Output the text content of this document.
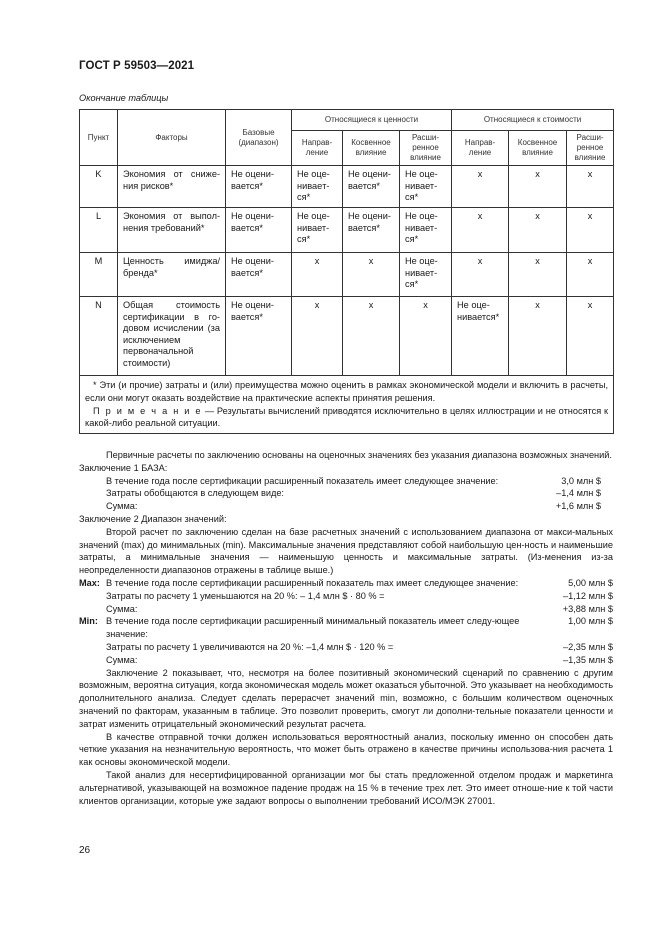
ГОСТ Р 59503—2021
Окончание таблицы
Пункт	Факторы	Базовые (диапазон)	Относящиеся к ценности			Относящиеся к стоимости		
			Направ-ление	Косвенное влияние	Расши-ренное влияние	Направ-ление	Косвенное влияние	Расши-ренное влияние
K	Экономия от сниже-ния рисков*	Не оцени-вается*	Не оце-ниваeт-ся*	Не оцени-вается*	Не оце-нивает-ся*	x	x	x
L	Экономия от выпол-нения требований*	Не оцени-вается*	Не оце-нивает-ся*	Не оцени-вается*	Не оце-нивает-ся*	x	x	x
M	Ценность имиджа/ бренда*	Не оцени-вается*	x	x	Не оце-нивает-ся*	x	x	x
N	Общая стоимость сертификации в го-довом исчислении (за исключением первоначальной стоимости)	Не оцени-вается*	x	x	x	Не оце-нивается*	x	x

* Эти (и прочие) затраты и (или) преимущества можно оценить в рамках экономической модели и включить в расчеты, если они могут оказать воздействие на практические аспекты принятия решения.
П р и м е ч а н и е — Результаты вычислений приводятся исключительно в целях иллюстрации и не относятся к какой-либо реальной ситуации.								

Первичные расчеты по заключению основаны на оценочных значениях без указания диапазона возможных значений.

Заключение 1 БАЗА:

В течение года после сертификации расширенный показатель имеет следующее значение:	3,0 млн $
Затраты обобщаются в следующем виде:	–1,4 млн $
Сумма:	+1,6 млн $

Заключение 2 Диапазон значений:

Второй расчет по заключению сделан на базе расчетных значений с использованием диапазона от макси-мальных значений (max) до минимальных (min). Максимальные значения представляют собой наибольшую цен-ность и наименьшие затраты, а минимальные значения — наименьшую ценность и максимальные затраты. (Из-менения из-за неопределенности диапазонов отражены в таблице выше.)

Max: В течение года после сертификации расширенный показатель max имеет следующее значение:	5,00 млн $
Затраты по расчету 1 уменьшаются на 20 %: – 1,4 млн $ · 80 % =	–1,12 млн $
Сумма:	+3,88 млн $
Min: В течение года после сертификации расширенный минимальный показатель имеет следу-ющее значение:
1,00 млн $
Затраты по расчету 1 увеличиваются на 20 %: –1,4 млн $ · 120 % =	–2,35 млн $
Сумма:	–1,35 млн $

Заключение 2 показывает, что, несмотря на более позитивный экономический сценарий по сравнению с другим возможным, вероятна ситуация, когда экономическая модель может оказаться убыточной. Это указывает на необходимость дополнительного анализа. Следует сделать перерасчет значений min, возможно, с большим количеством оценочных значений по факторам, указанным в таблице. Это позволит проверить, смогут ли дополни-тельные показатели ценности и затрат изменить отрицательный экономический результат расчета.

В качестве отправной точки должен использоваться вероятностный анализ, поскольку именно он способен дать четкие указания на незначительную вероятность, что может быть отражено в качестве причины использова-ния расчета 1 как основы экономической модели.

Такой анализ для несертифицированной организации мог бы стать предложенной отделом продаж и маркетинга альтернативой, указывающей на возможное падение продаж на 15 % в течение трех лет. Это имеет отноше-ние к той части клиентов организации, которые уже задают вопросы о выполнении требований ИСО/МЭК 27001.

26
